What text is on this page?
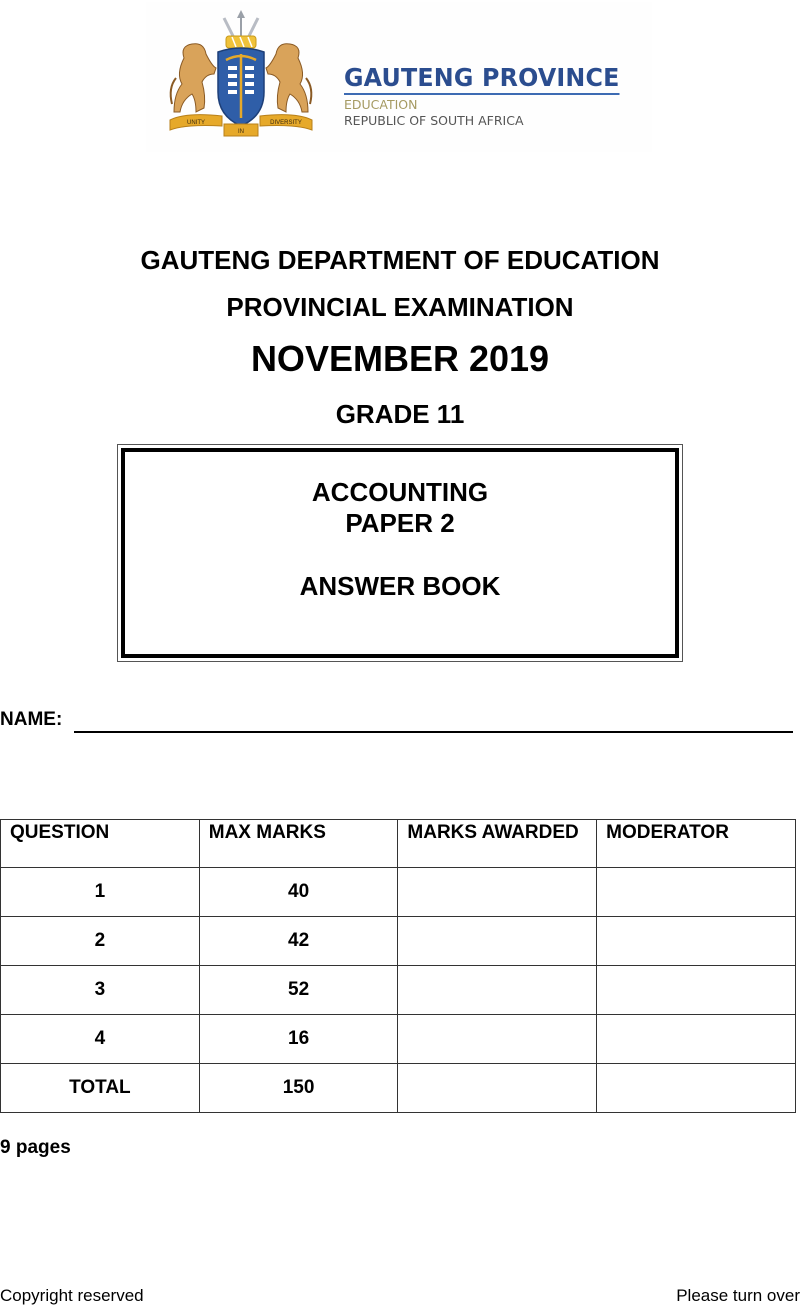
UNITY	DIVERSITY
IN
GAUTENG PROVINCE
EDUCATION
REPUBLIC OF SOUTH AFRICA
GAUTENG DEPARTMENT OF EDUCATION
PROVINCIAL EXAMINATION
NOVEMBER 2019
GRADE 11
ACCOUNTING
PAPER 2
ANSWER BOOK
NAME:
QUESTION	MAX MARKS	MARKS AWARDED	MODERATOR
1	40		
2	42		
3	52		
4	16		
TOTAL	150		
9 pages
Copyright reserved	Please turn over
